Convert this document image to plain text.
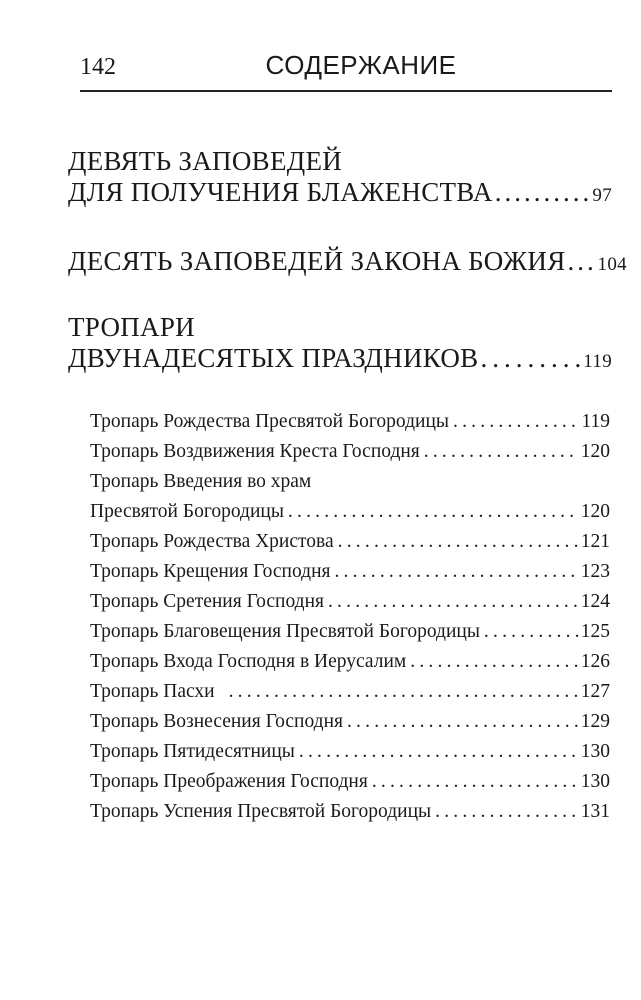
142	СОДЕРЖАНИЕ
ДЕВЯТЬ ЗАПОВЕДЕЙ
ДЛЯ ПОЛУЧЕНИЯ БЛАЖЕНСТВА .....	97
ДЕСЯТЬ ЗАПОВЕДЕЙ ЗАКОНА БОЖИЯ ..... 104
ТРОПАРИ
ДВУНАДЕСЯТЫХ ПРАЗДНИКОВ .....	119
Тропарь Рождества Пресвятой Богородицы .....	119
Тропарь Воздвижения Креста Господня .....	120
Тропарь Введения во храм
Пресвятой Богородицы .....	120
Тропарь Рождества Христова .....	121
Тропарь Крещения Господня .....	123
Тропарь Сретения Господня .....	124
Тропарь Благовещения Пресвятой Богородицы .....	125
Тропарь Входа Господня в Иерусалим .....	126
Тропарь Пасхи .....	127
Тропарь Вознесения Господня .....	129
Тропарь Пятидесятницы .....	130
Тропарь Преображения Господня .....	130
Тропарь Успения Пресвятой Богородицы .....	131
